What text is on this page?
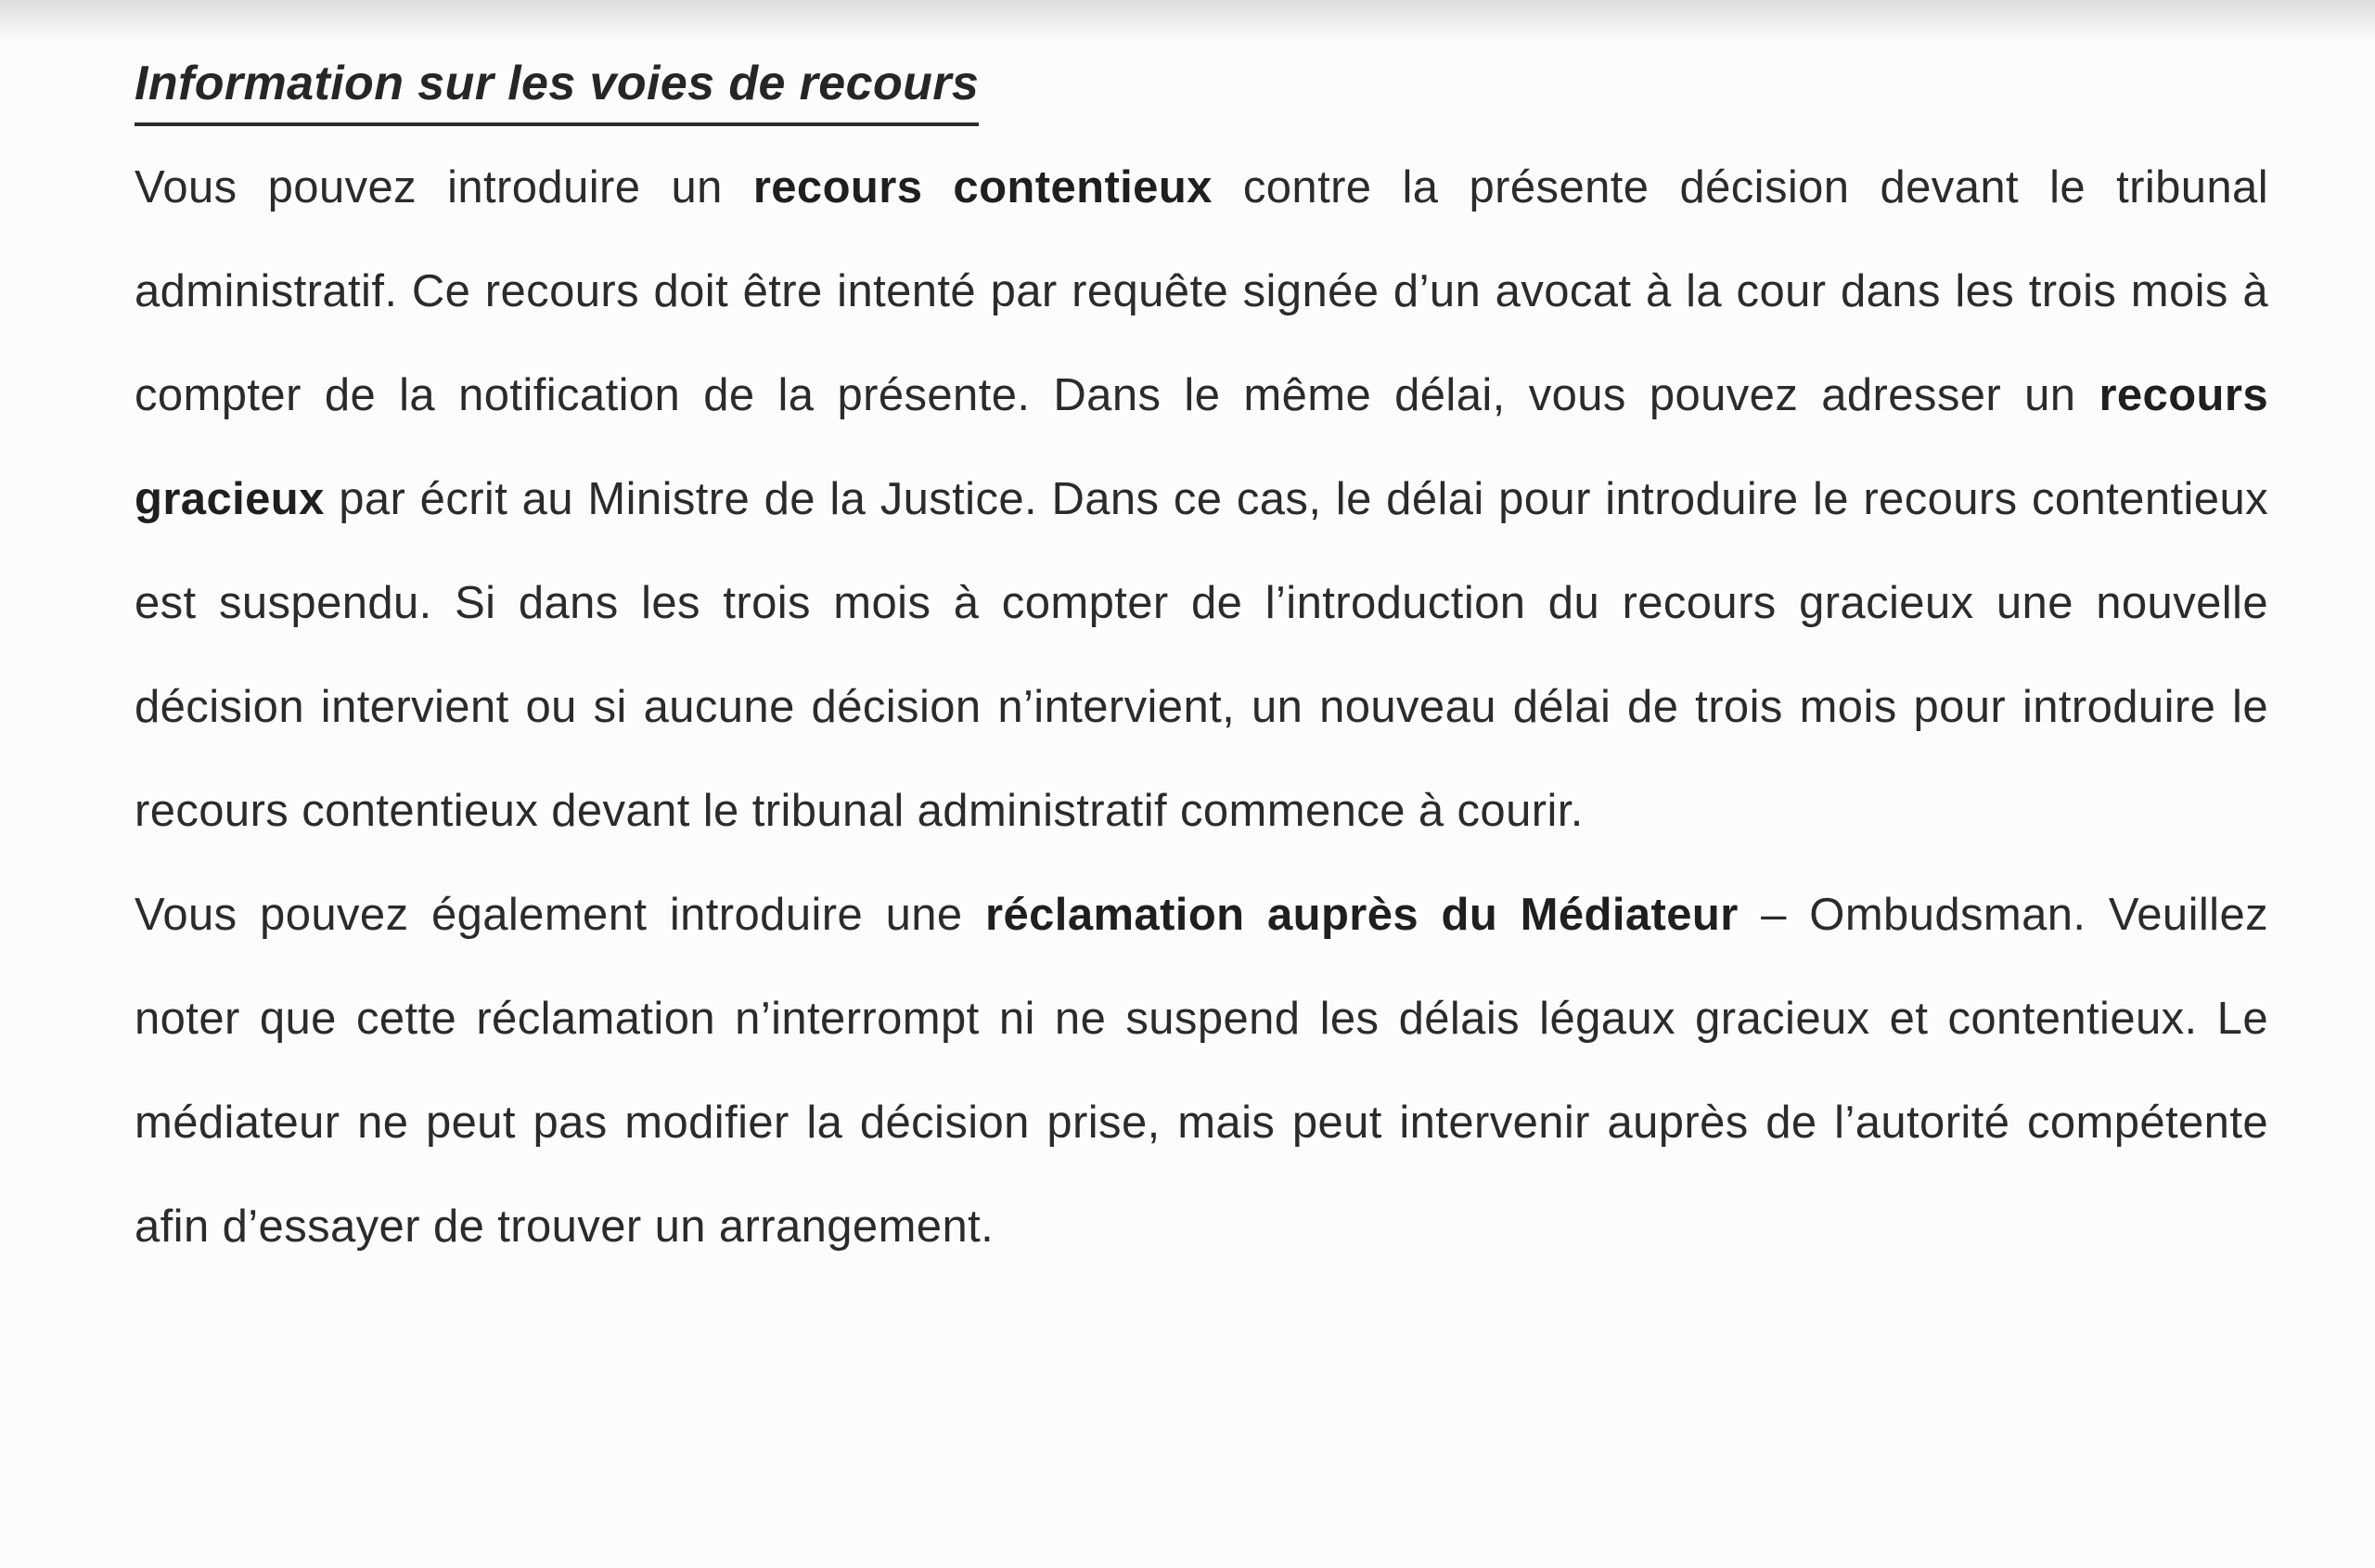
Information sur les voies de recours

Vous pouvez introduire un recours contentieux contre la présente décision devant le tribunal administratif. Ce recours doit être intenté par requête signée d’un avocat à la cour dans les trois mois à compter de la notification de la présente. Dans le même délai, vous pouvez adresser un recours gracieux par écrit au Ministre de la Justice. Dans ce cas, le délai pour introduire le recours contentieux est suspendu. Si dans les trois mois à compter de l’introduction du recours gracieux une nouvelle décision intervient ou si aucune décision n’intervient, un nouveau délai de trois mois pour introduire le recours contentieux devant le tribunal administratif commence à courir.

Vous pouvez également introduire une réclamation auprès du Médiateur – Ombudsman. Veuillez noter que cette réclamation n’interrompt ni ne suspend les délais légaux gracieux et contentieux. Le médiateur ne peut pas modifier la décision prise, mais peut intervenir auprès de l’autorité compétente afin d’essayer de trouver un arrangement.
